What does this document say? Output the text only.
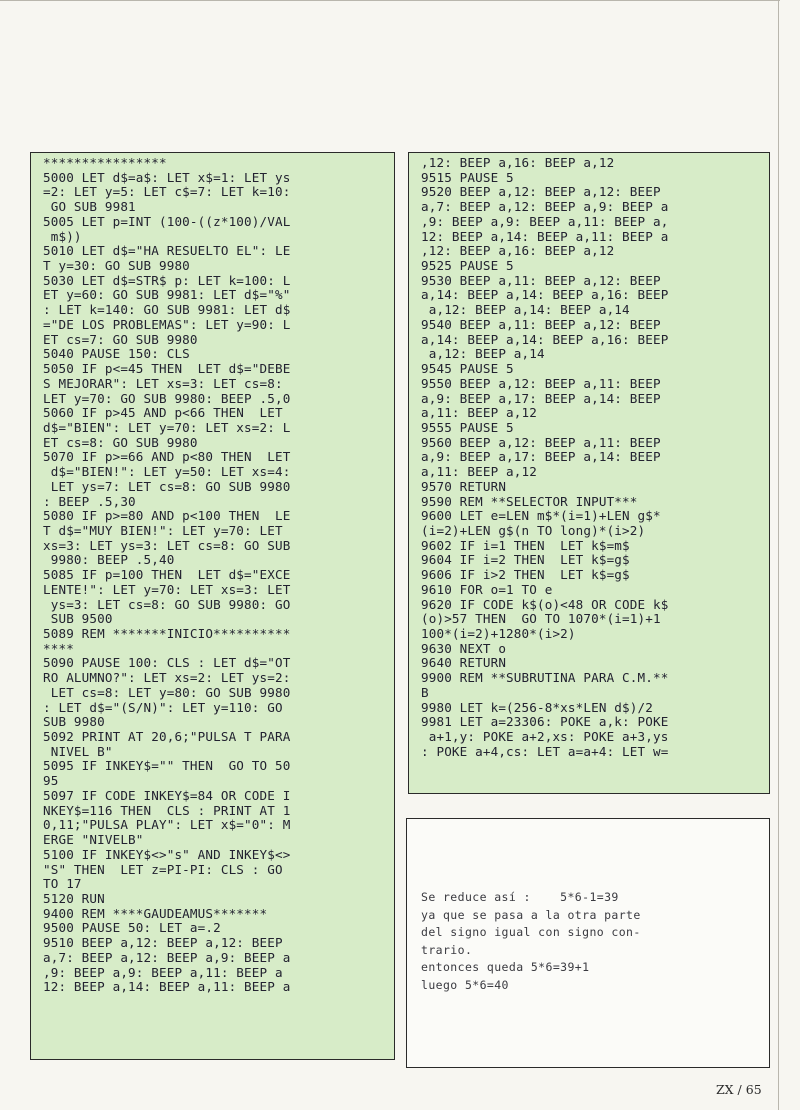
****************

5000 LET d$=a$: LET x$=1: LET ys

=2: LET y=5: LET c$=7: LET k=10:

GO SUB 9981

5005 LET p=INT (100-((z*100)/VAL

m$))

5010 LET d$="HA RESUELTO EL": LE

T y=30: GO SUB 9980

5030 LET d$=STR$ p: LET k=100: L

ET y=60: GO SUB 9981: LET d$="%"

: LET k=140: GO SUB 9981: LET d$

="DE LOS PROBLEMAS": LET y=90: L

ET cs=7: GO SUB 9980

5040 PAUSE 150: CLS

5050 IF p<=45 THEN  LET d$="DEBE

S MEJORAR": LET xs=3: LET cs=8:

LET y=70: GO SUB 9980: BEEP .5,0

5060 IF p>45 AND p<66 THEN  LET

d$="BIEN": LET y=70: LET xs=2: L

ET cs=8: GO SUB 9980

5070 IF p>=66 AND p<80 THEN  LET

d$="BIEN!": LET y=50: LET xs=4:

LET ys=7: LET cs=8: GO SUB 9980

: BEEP .5,30

5080 IF p>=80 AND p<100 THEN  LE

T d$="MUY BIEN!": LET y=70: LET

xs=3: LET ys=3: LET cs=8: GO SUB

9980: BEEP .5,40

5085 IF p=100 THEN  LET d$="EXCE

LENTE!": LET y=70: LET xs=3: LET

ys=3: LET cs=8: GO SUB 9980: GO

SUB 9500

5089 REM *******INICIO**********

****

5090 PAUSE 100: CLS : LET d$="OT

RO ALUMNO?": LET xs=2: LET ys=2:

LET cs=8: LET y=80: GO SUB 9980

: LET d$="(S/N)": LET y=110: GO

SUB 9980

5092 PRINT AT 20,6;"PULSA T PARA

NIVEL B"

5095 IF INKEY$="" THEN  GO TO 50

95

5097 IF CODE INKEY$=84 OR CODE I

NKEY$=116 THEN  CLS : PRINT AT 1

0,11;"PULSA PLAY": LET x$="0": M

ERGE "NIVELB"

5100 IF INKEY$<>"s" AND INKEY$<>

"S" THEN  LET z=PI-PI: CLS : GO

TO 17

5120 RUN

9400 REM ****GAUDEAMUS*******

9500 PAUSE 50: LET a=.2

9510 BEEP a,12: BEEP a,12: BEEP

a,7: BEEP a,12: BEEP a,9: BEEP a

,9: BEEP a,9: BEEP a,11: BEEP a

12: BEEP a,14: BEEP a,11: BEEP a

,12: BEEP a,16: BEEP a,12

9515 PAUSE 5

9520 BEEP a,12: BEEP a,12: BEEP

a,7: BEEP a,12: BEEP a,9: BEEP a

,9: BEEP a,9: BEEP a,11: BEEP a,

12: BEEP a,14: BEEP a,11: BEEP a

,12: BEEP a,16: BEEP a,12

9525 PAUSE 5

9530 BEEP a,11: BEEP a,12: BEEP

a,14: BEEP a,14: BEEP a,16: BEEP

a,12: BEEP a,14: BEEP a,14

9540 BEEP a,11: BEEP a,12: BEEP

a,14: BEEP a,14: BEEP a,16: BEEP

a,12: BEEP a,14

9545 PAUSE 5

9550 BEEP a,12: BEEP a,11: BEEP

a,9: BEEP a,17: BEEP a,14: BEEP

a,11: BEEP a,12

9555 PAUSE 5

9560 BEEP a,12: BEEP a,11: BEEP

a,9: BEEP a,17: BEEP a,14: BEEP

a,11: BEEP a,12

9570 RETURN

9590 REM **SELECTOR INPUT***

9600 LET e=LEN m$*(i=1)+LEN g$*

(i=2)+LEN g$(n TO long)*(i>2)

9602 IF i=1 THEN  LET k$=m$

9604 IF i=2 THEN  LET k$=g$

9606 IF i>2 THEN  LET k$=g$

9610 FOR o=1 TO e

9620 IF CODE k$(o)<48 OR CODE k$

(o)>57 THEN  GO TO 1070*(i=1)+1

100*(i=2)+1280*(i>2)

9630 NEXT o

9640 RETURN

9900 REM **SUBRUTINA PARA C.M.**

B

9980 LET k=(256-8*xs*LEN d$)/2

9981 LET a=23306: POKE a,k: POKE

a+1,y: POKE a+2,xs: POKE a+3,ys

: POKE a+4,cs: LET a=a+4: LET w=

Se reduce así :    5*6-1=39

ya que se pasa a la otra parte

del signo igual con signo con-

trario.

entonces queda 5*6=39+1

luego 5*6=40

ZX / 65
